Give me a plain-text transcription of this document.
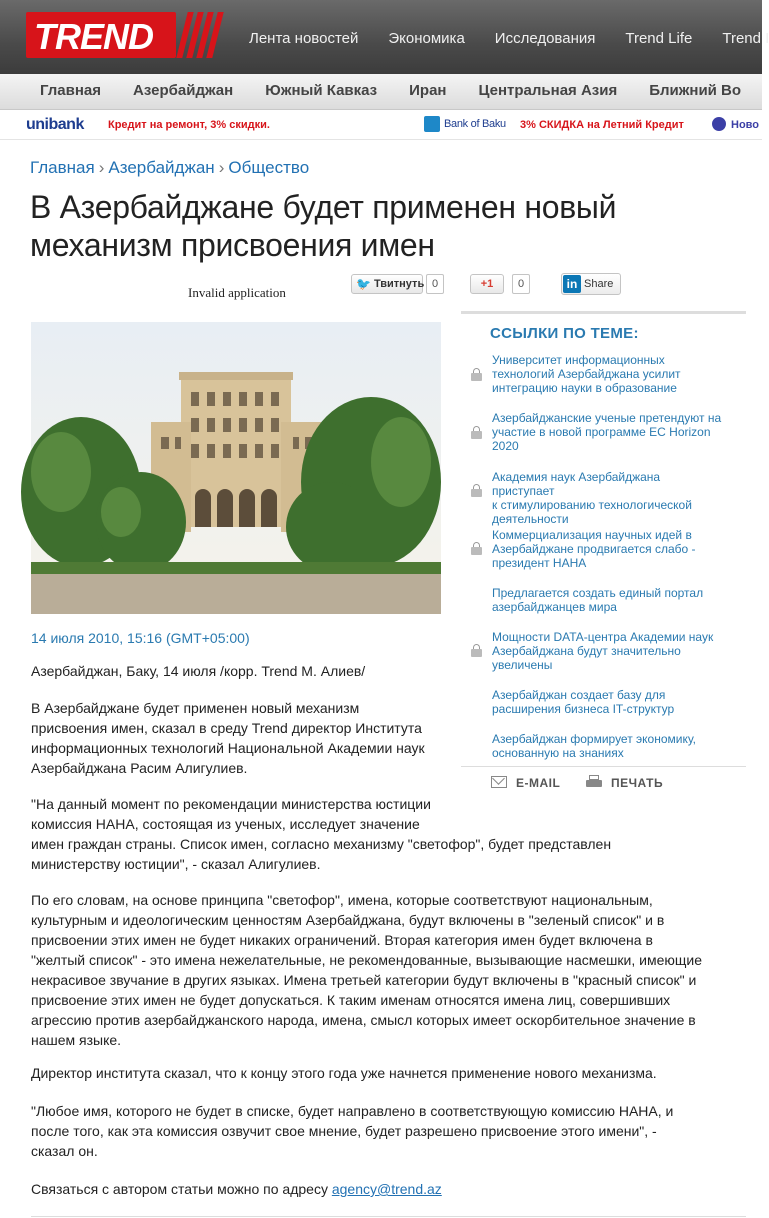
TREND	Лента новостей Экономика Исследования Trend Life Trend I
Главная Азербайджан Южный Кавказ Иран Центральная Азия Ближний Во
unibank Кредит на ремонт, 3% скидки.	Bank of Baku 3% СКИДКА на Летний Кредит	Ново
Главная › Азербайджан › Общество
В Азербайджане будет применен новый механизм присвоения имен
Invalid application
🐦 Твитнуть 0	+1	0	in Share
14 июля 2010, 15:16 (GMT+05:00)
Азербайджан, Баку, 14 июля /корр. Trend М. Алиев/
В Азербайджане будет применен новый механизм
присвоения имен, сказал в среду Trend директор Института
информационных технологий Национальной Академии наук
Азербайджана Расим Алигулиев.
"На данный момент по рекомендации министерства юстиции
комиссия НАНА, состоящая из ученых, исследует значение
имен граждан страны. Список имен, согласно механизму "светофор", будет представлен
министерству юстиции", - сказал Алигулиев.
По его словам, на основе принципа "светофор", имена, которые соответствуют национальным,
культурным и идеологическим ценностям Азербайджана, будут включены в "зеленый список" и в
присвоении этих имен не будет никаких ограничений. Вторая категория имен будет включена в
"желтый список" - это имена нежелательные, не рекомендованные, вызывающие насмешки, имеющие
некрасивое звучание в других языках. Имена третьей категории будут включены в "красный список" и
присвоение этих имен не будет допускаться. К таким именам относятся имена лиц, совершивших
агрессию против азербайджанского народа, имена, смысл которых имеет оскорбительное значение в
нашем языке.
Директор института сказал, что к концу этого года уже начнется применение нового механизма.
"Любое имя, которого не будет в списке, будет направлено в соответствующую комиссию НАНА, и
после того, как эта комиссия озвучит свое мнение, будет разрешено присвоение этого имени", -
сказал он.
Связаться с автором статьи можно по адресу agency@trend.az
ССЫЛКИ ПО ТЕМЕ:
Университет информационных
технологий Азербайджана усилит
интеграцию науки в образование
Азербайджанские ученые претендуют на
участие в новой программе ЕС Horizon
2020
Академия наук Азербайджана приступает
к стимулированию технологической
деятельности
Коммерциализация научных идей в
Азербайджане продвигается слабо -
президент НАНА
Предлагается создать единый портал
азербайджанцев мира
Мощности DATA-центра Академии наук
Азербайджана будут значительно
увеличены
Азербайджан создает базу для
расширения бизнеса IT-структур
Азербайджан формирует экономику,
основанную на знаниях
E-MAIL	ПЕЧАТЬ
